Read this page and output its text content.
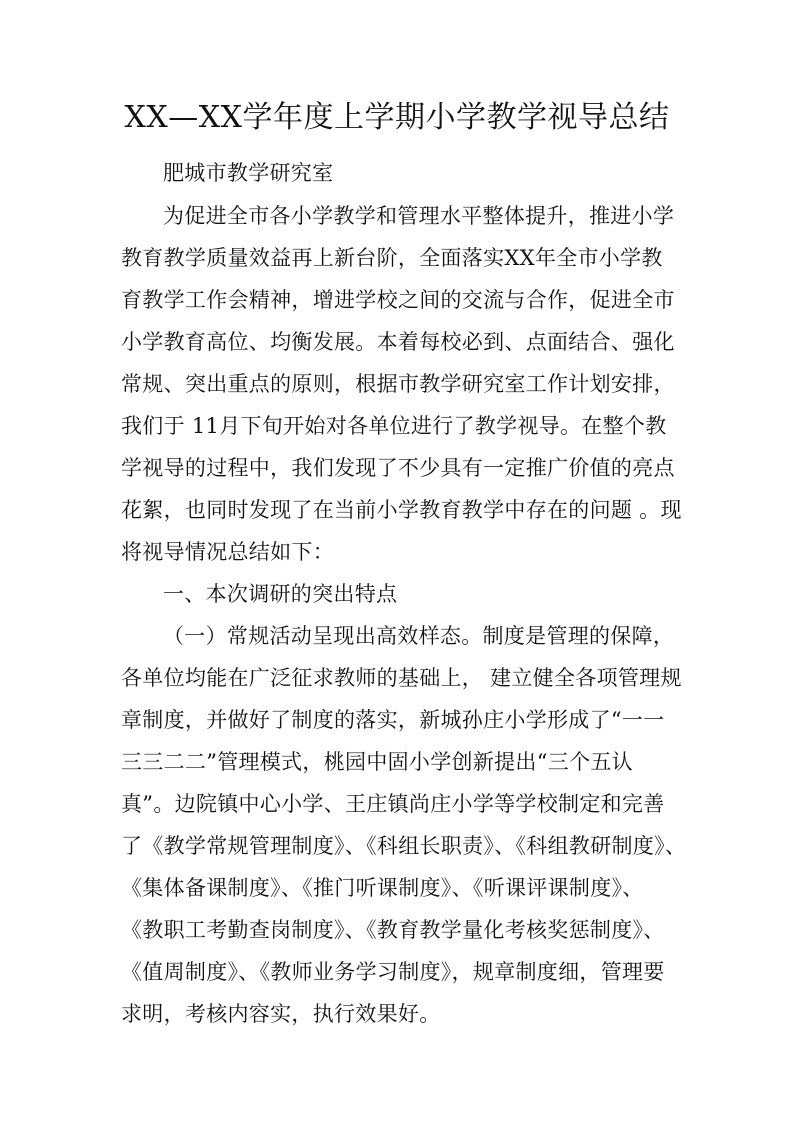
XX—XX学年度上学期小学教学视导总结
肥城市教学研究室
为促进全市各小学教学和管理水平整体提升，推进小学
教育教学质量效益再上新台阶，全面落实XX年全市小学教
育教学工作会精神，增进学校之间的交流与合作，促进全市
小学教育高位、均衡发展。本着每校必到、点面结合、强化
常规、突出重点的原则，根据市教学研究室工作计划安排，
我们于 11月下旬开始对各单位进行了教学视导。在整个教
学视导的过程中，我们发现了不少具有一定推广价值的亮点
花絮，也同时发现了在当前小学教育教学中存在的问题 。现
将视导情况总结如下：
一、本次调研的突出特点
（一）常规活动呈现出高效样态。制度是管理的保障，
各单位均能在广泛征求教师的基础上， 建立健全各项管理规
章制度，并做好了制度的落实，新城孙庄小学形成了“一一
三三二二”管理模式，桃园中固小学创新提出“三个五认
真”。边院镇中心小学、王庄镇尚庄小学等学校制定和完善
了《教学常规管理制度》、《科组长职责》、《科组教研制度》、
《集体备课制度》、《推门听课制度》、《听课评课制度》、
《教职工考勤查岗制度》、《教育教学量化考核奖惩制度》、
《值周制度》、《教师业务学习制度》，规章制度细，管理要
求明，考核内容实，执行效果好。
